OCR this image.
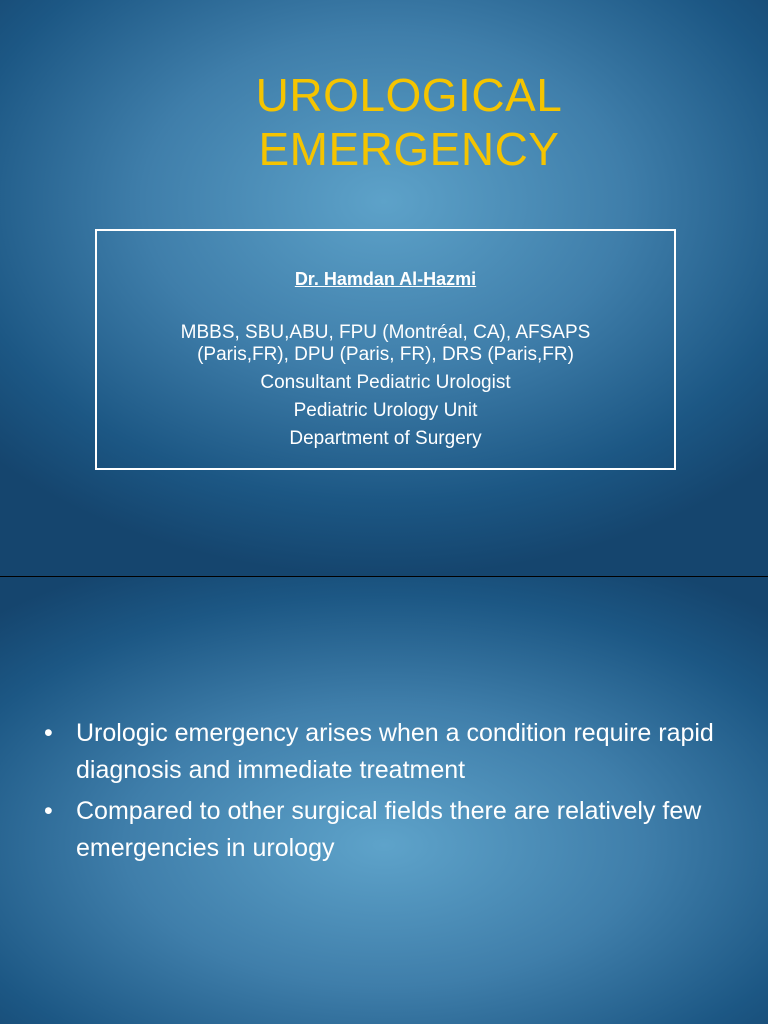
UROLOGICAL
EMERGENCY
Dr. Hamdan Al-Hazmi
MBBS, SBU,ABU, FPU (Montréal, CA), AFSAPS
(Paris,FR), DPU (Paris, FR), DRS (Paris,FR)
Consultant Pediatric Urologist
Pediatric Urology Unit
Department of Surgery
• Urologic emergency arises when a condition require rapid diagnosis and immediate treatment
• Compared to other surgical fields there are relatively few emergencies in urology
